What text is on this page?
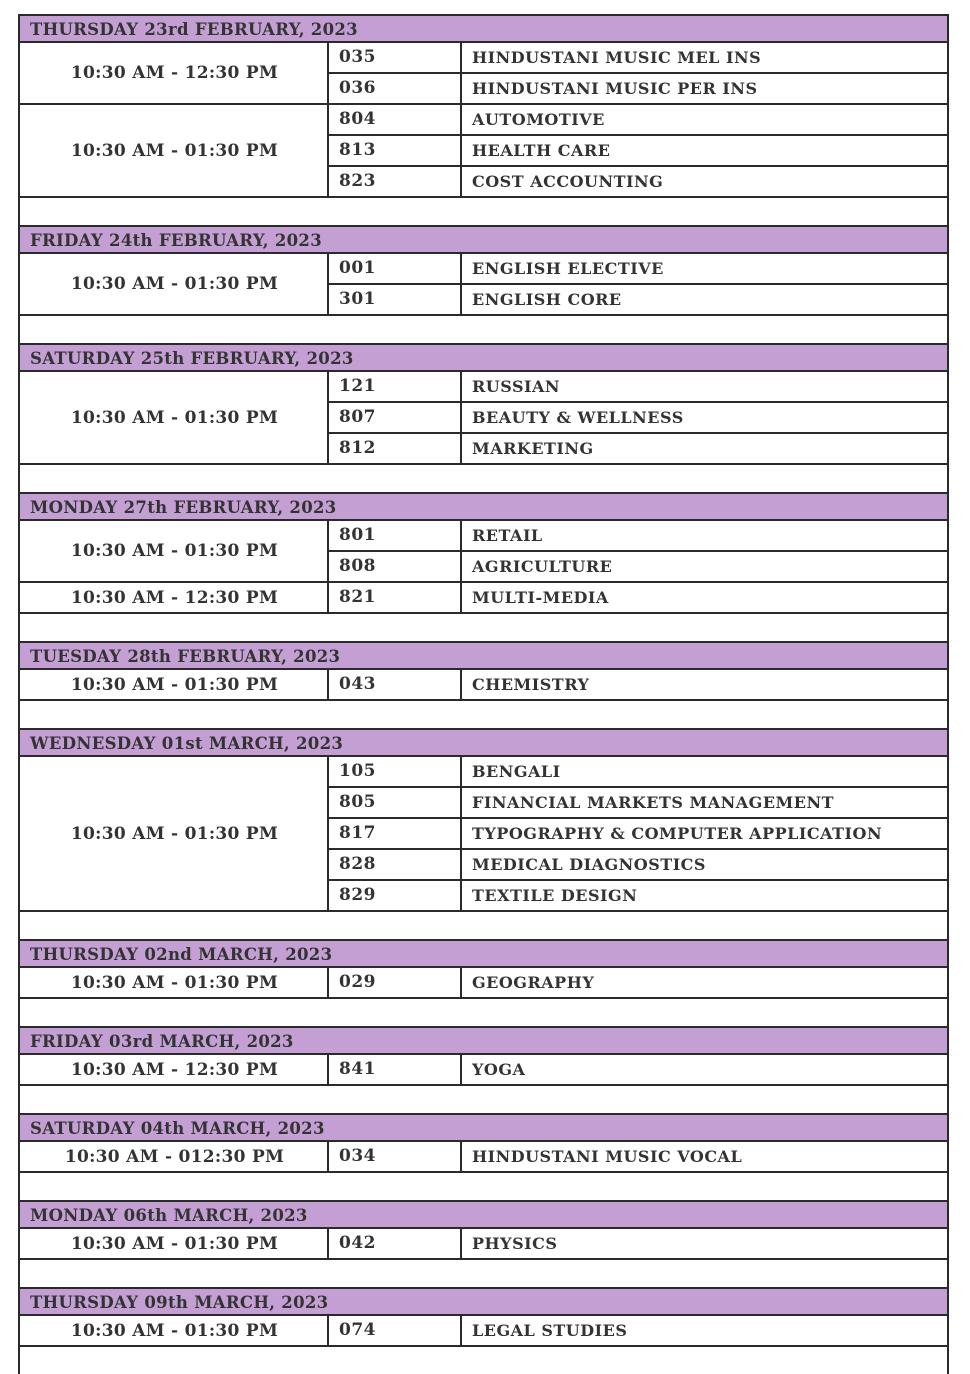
THURSDAY 23rd FEBRUARY, 2023
10:30 AM - 12:30 PM
035	HINDUSTANI MUSIC MEL INS
036	HINDUSTANI MUSIC PER INS
10:30 AM - 01:30 PM
804	AUTOMOTIVE
813	HEALTH CARE
823	COST ACCOUNTING
FRIDAY 24th FEBRUARY, 2023
10:30 AM - 01:30 PM
001	ENGLISH ELECTIVE
301	ENGLISH CORE
SATURDAY 25th FEBRUARY, 2023
10:30 AM - 01:30 PM
121	RUSSIAN
807	BEAUTY & WELLNESS
812	MARKETING
MONDAY 27th FEBRUARY, 2023
10:30 AM - 01:30 PM
801	RETAIL
808	AGRICULTURE
10:30 AM - 12:30 PM	821	MULTI-MEDIA
TUESDAY 28th FEBRUARY, 2023
10:30 AM - 01:30 PM	043	CHEMISTRY
WEDNESDAY 01st MARCH, 2023
10:30 AM - 01:30 PM
105	BENGALI
805	FINANCIAL MARKETS MANAGEMENT
817	TYPOGRAPHY & COMPUTER APPLICATION
828	MEDICAL DIAGNOSTICS
829	TEXTILE DESIGN
THURSDAY 02nd MARCH, 2023
10:30 AM - 01:30 PM	029	GEOGRAPHY
FRIDAY 03rd MARCH, 2023
10:30 AM - 12:30 PM	841	YOGA
SATURDAY 04th MARCH, 2023
10:30 AM - 012:30 PM	034	HINDUSTANI MUSIC VOCAL
MONDAY 06th MARCH, 2023
10:30 AM - 01:30 PM	042	PHYSICS
THURSDAY 09th MARCH, 2023
10:30 AM - 01:30 PM	074	LEGAL STUDIES
